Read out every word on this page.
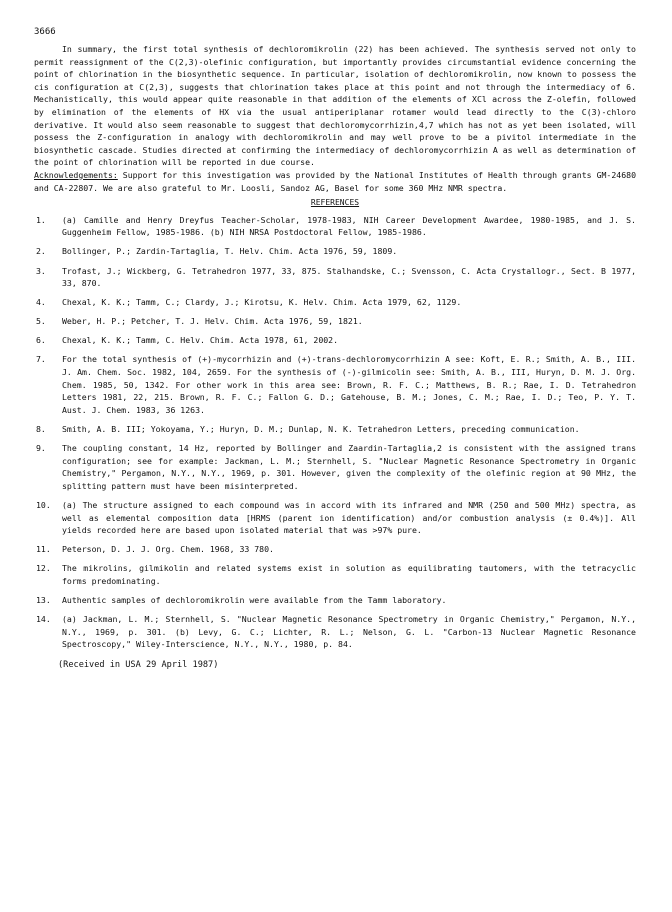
3666

In summary, the first total synthesis of dechloromikrolin (22) has been achieved. The synthesis served not only to permit reassignment of the C(2,3)-olefinic configuration, but importantly provides circumstantial evidence concerning the point of chlorination in the biosynthetic sequence. In particular, isolation of dechloromikrolin, now known to possess the cis configuration at C(2,3), suggests that chlorination takes place at this point and not through the intermediacy of 6. Mechanistically, this would appear quite reasonable in that addition of the elements of XCl across the Z-olefin, followed by elimination of the elements of HX via the usual antiperiplanar rotamer would lead directly to the C(3)-chloro derivative. It would also seem reasonable to suggest that dechloromycorrhizin,4,7 which has not as yet been isolated, will possess the Z-configuration in analogy with dechloromikrolin and may well prove to be a pivitol intermediate in the biosynthetic cascade. Studies directed at confirming the intermediacy of dechloromycorrhizin A as well as determination of the point of chlorination will be reported in due course.

Acknowledgements: Support for this investigation was provided by the National Institutes of Health through grants GM-24680 and CA-22807. We are also grateful to Mr. Loosli, Sandoz AG, Basel for some 360 MHz NMR spectra.

REFERENCES
1.	(a) Camille and Henry Dreyfus Teacher-Scholar, 1978-1983, NIH Career Development Awardee, 1980-1985, and J. S. Guggenheim Fellow, 1985-1986. (b) NIH NRSA Postdoctoral Fellow, 1985-1986.
2.	Bollinger, P.; Zardin-Tartaglia, T. Helv. Chim. Acta 1976, 59, 1809.
3.	Trofast, J.; Wickberg, G. Tetrahedron 1977, 33, 875. Stalhandske, C.; Svensson, C. Acta Crystallogr., Sect. B 1977, 33, 870.
4.	Chexal, K. K.; Tamm, C.; Clardy, J.; Kirotsu, K. Helv. Chim. Acta 1979, 62, 1129.
5.	Weber, H. P.; Petcher, T. J. Helv. Chim. Acta 1976, 59, 1821.
6.	Chexal, K. K.; Tamm, C. Helv. Chim. Acta 1978, 61, 2002.
7.	For the total synthesis of (+)-mycorrhizin and (+)-trans-dechloromycorrhizin A see: Koft, E. R.; Smith, A. B., III. J. Am. Chem. Soc. 1982, 104, 2659. For the synthesis of (-)-gilmicolin see: Smith, A. B., III, Huryn, D. M. J. Org. Chem. 1985, 50, 1342. For other work in this area see: Brown, R. F. C.; Matthews, B. R.; Rae, I. D. Tetrahedron Letters 1981, 22, 215. Brown, R. F. C.; Fallon G. D.; Gatehouse, B. M.; Jones, C. M.; Rae, I. D.; Teo, P. Y. T. Aust. J. Chem. 1983, 36 1263.
8.	Smith, A. B. III; Yokoyama, Y.; Huryn, D. M.; Dunlap, N. K. Tetrahedron Letters, preceding communication.
9.	The coupling constant, 14 Hz, reported by Bollinger and Zaardin-Tartaglia,2 is consistent with the assigned trans configuration; see for example: Jackman, L. M.; Sternhell, S. "Nuclear Magnetic Resonance Spectrometry in Organic Chemistry," Pergamon, N.Y., N.Y., 1969, p. 301. However, given the complexity of the olefinic region at 90 MHz, the splitting pattern must have been misinterpreted.
10.	(a) The structure assigned to each compound was in accord with its infrared and NMR (250 and 500 MHz) spectra, as well as elemental composition data [HRMS (parent ion identification) and/or combustion analysis (± 0.4%)]. All yields recorded here are based upon isolated material that was >97% pure.
11.	Peterson, D. J. J. Org. Chem. 1968, 33 780.
12.	The mikrolins, gilmikolin and related systems exist in solution as equilibrating tautomers, with the tetracyclic forms predominating.
13.	Authentic samples of dechloromikrolin were available from the Tamm laboratory.
14.	(a) Jackman, L. M.; Sternhell, S. "Nuclear Magnetic Resonance Spectrometry in Organic Chemistry," Pergamon, N.Y., N.Y., 1969, p. 301. (b) Levy, G. C.; Lichter, R. L.; Nelson, G. L. "Carbon-13 Nuclear Magnetic Resonance Spectroscopy," Wiley-Interscience, N.Y., N.Y., 1980, p. 84.
(Received in USA 29 April 1987)
